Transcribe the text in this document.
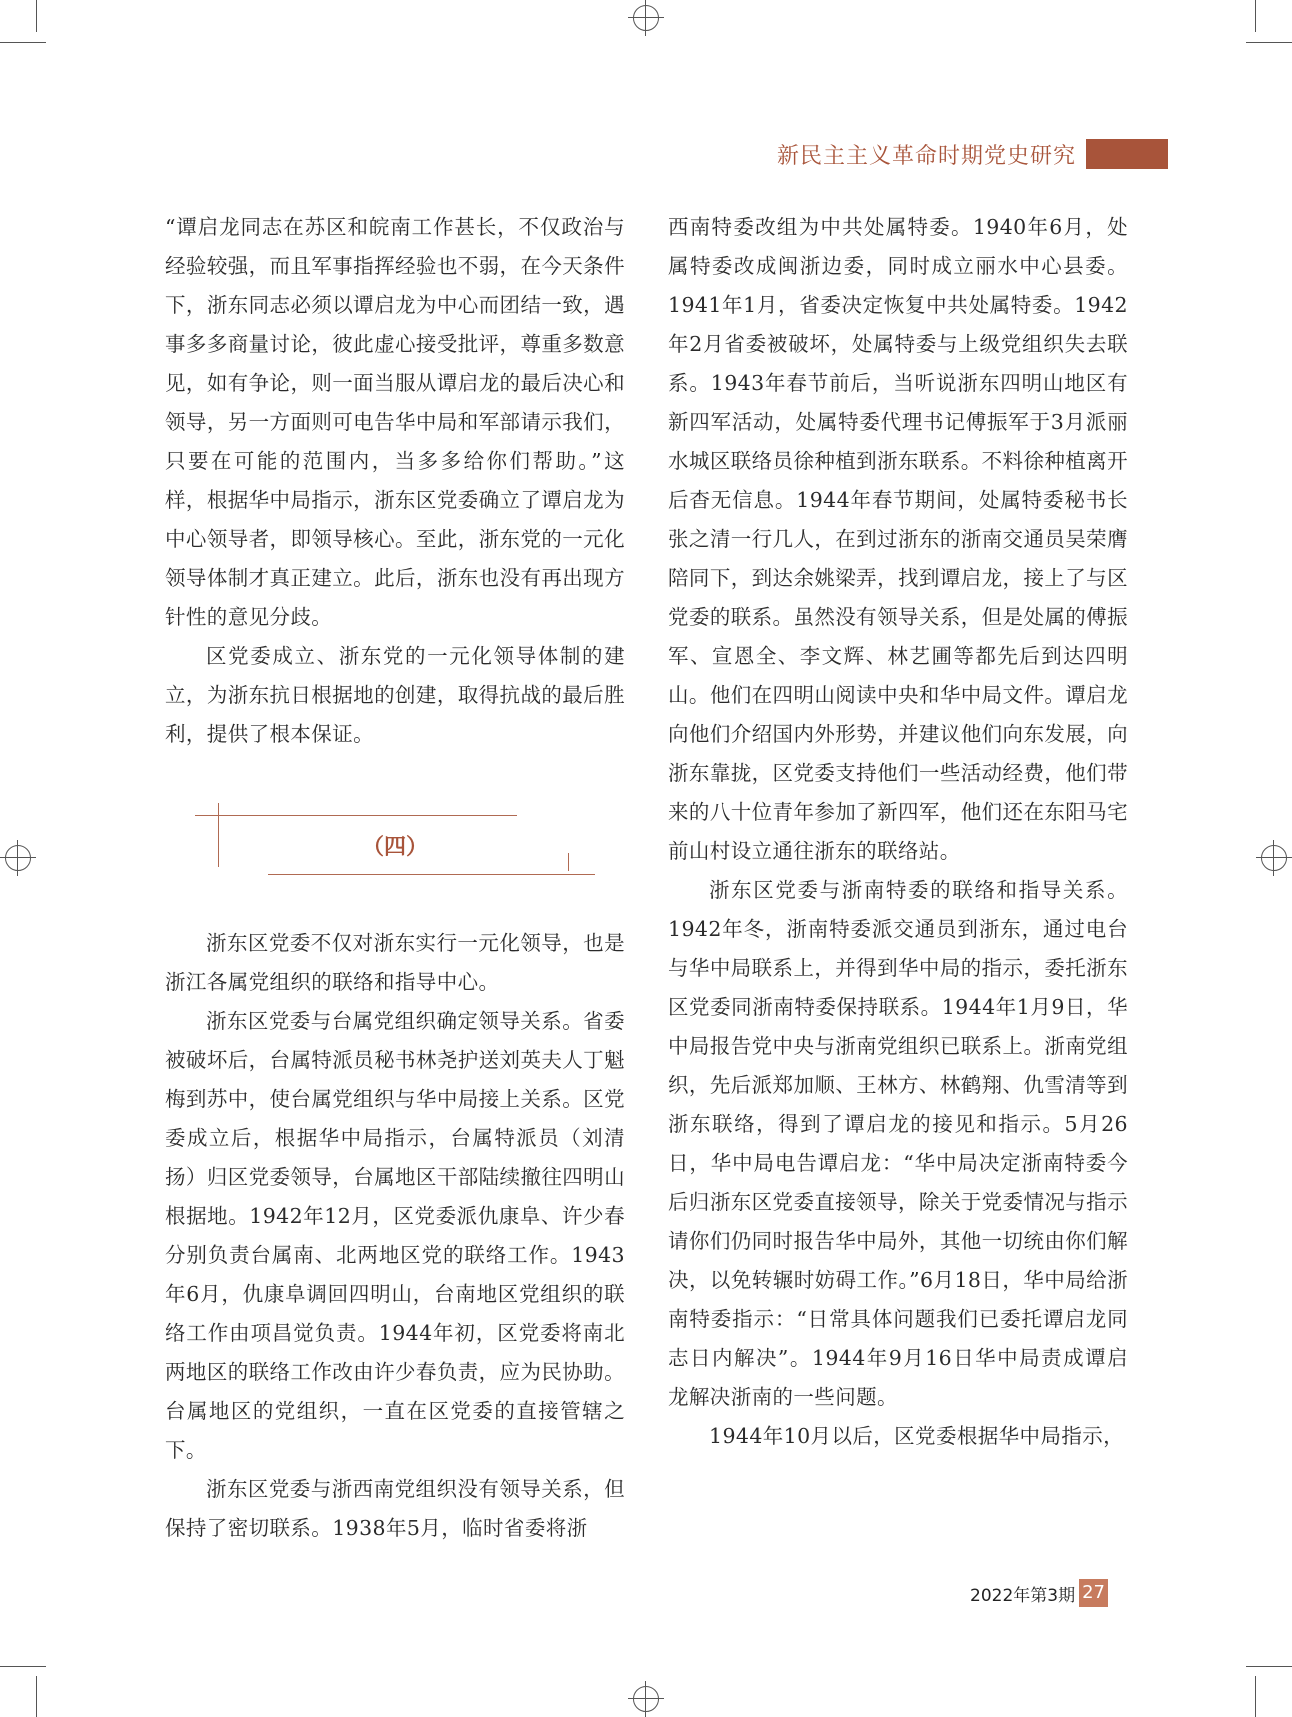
新民主主义革命时期党史研究

“谭启龙同志在苏区和皖南工作甚长，不仅政治与经验较强，而且军事指挥经验也不弱，在今天条件下，浙东同志必须以谭启龙为中心而团结一致，遇事多多商量讨论，彼此虚心接受批评，尊重多数意见，如有争论，则一面当服从谭启龙的最后决心和领导，另一方面则可电告华中局和军部请示我们，只要在可能的范围内，当多多给你们帮助。”这样，根据华中局指示，浙东区党委确立了谭启龙为中心领导者，即领导核心。至此，浙东党的一元化领导体制才真正建立。此后，浙东也没有再出现方针性的意见分歧。

区党委成立、浙东党的一元化领导体制的建立，为浙东抗日根据地的创建，取得抗战的最后胜利，提供了根本保证。

（四）

浙东区党委不仅对浙东实行一元化领导，也是浙江各属党组织的联络和指导中心。

浙东区党委与台属党组织确定领导关系。省委被破坏后，台属特派员秘书林尧护送刘英夫人丁魁梅到苏中，使台属党组织与华中局接上关系。区党委成立后，根据华中局指示，台属特派员（刘清扬）归区党委领导，台属地区干部陆续撤往四明山根据地。1942年12月，区党委派仇康阜、许少春分别负责台属南、北两地区党的联络工作。1943年6月，仇康阜调回四明山，台南地区党组织的联络工作由项昌觉负责。1944年初，区党委将南北两地区的联络工作改由许少春负责，应为民协助。台属地区的党组织，一直在区党委的直接管辖之下。

浙东区党委与浙西南党组织没有领导关系，但保持了密切联系。1938年5月，临时省委将浙

西南特委改组为中共处属特委。1940年6月，处属特委改成闽浙边委，同时成立丽水中心县委。1941年1月，省委决定恢复中共处属特委。1942年2月省委被破坏，处属特委与上级党组织失去联系。1943年春节前后，当听说浙东四明山地区有新四军活动，处属特委代理书记傅振军于3月派丽水城区联络员徐种植到浙东联系。不料徐种植离开后杳无信息。1944年春节期间，处属特委秘书长张之清一行几人，在到过浙东的浙南交通员吴荣膺陪同下，到达余姚梁弄，找到谭启龙，接上了与区党委的联系。虽然没有领导关系，但是处属的傅振军、宣恩全、李文辉、林艺圃等都先后到达四明山。他们在四明山阅读中央和华中局文件。谭启龙向他们介绍国内外形势，并建议他们向东发展，向浙东靠拢，区党委支持他们一些活动经费，他们带来的八十位青年参加了新四军，他们还在东阳马宅前山村设立通往浙东的联络站。

浙东区党委与浙南特委的联络和指导关系。1942年冬，浙南特委派交通员到浙东，通过电台与华中局联系上，并得到华中局的指示，委托浙东区党委同浙南特委保持联系。1944年1月9日，华中局报告党中央与浙南党组织已联系上。浙南党组织，先后派郑加顺、王林方、林鹤翔、仇雪清等到浙东联络，得到了谭启龙的接见和指示。5月26日，华中局电告谭启龙：“华中局决定浙南特委今后归浙东区党委直接领导，除关于党委情况与指示请你们仍同时报告华中局外，其他一切统由你们解决，以免转辗时妨碍工作。”6月18日，华中局给浙南特委指示：“日常具体问题我们已委托谭启龙同志日内解决”。1944年9月16日华中局责成谭启龙解决浙南的一些问题。

1944年10月以后，区党委根据华中局指示，

2022年第3期 27
